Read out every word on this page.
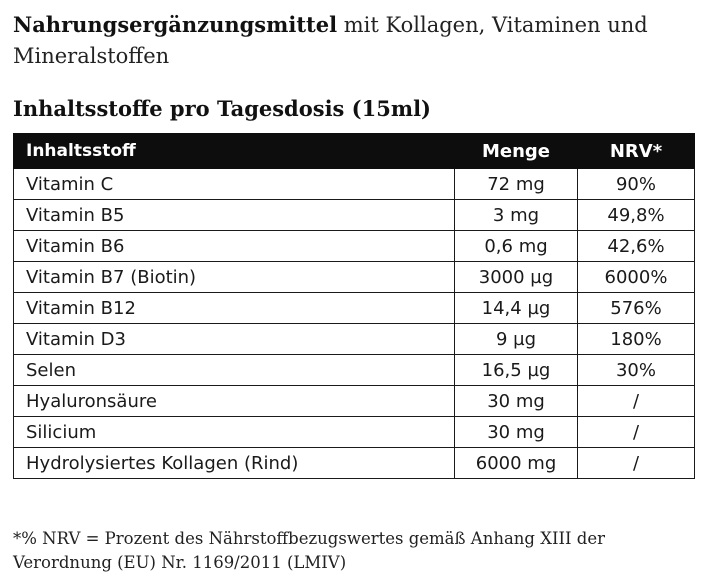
Nahrungsergänzungsmittel mit Kollagen, Vitaminen und Mineralstoffen
Inhaltsstoffe pro Tagesdosis (15ml)
Inhaltsstoff	Menge	NRV*
Vitamin C	72 mg	90%
Vitamin B5	3 mg	49,8%
Vitamin B6	0,6 mg	42,6%
Vitamin B7 (Biotin)	3000 µg	6000%
Vitamin B12	14,4 µg	576%
Vitamin D3	9 µg	180%
Selen	16,5 µg	30%
Hyaluronsäure	30 mg	/
Silicium	30 mg	/
Hydrolysiertes Kollagen (Rind)	6000 mg	/
*% NRV = Prozent des Nährstoffbezugswertes gemäß Anhang XIII der Verordnung (EU) Nr. 1169/2011 (LMIV)
